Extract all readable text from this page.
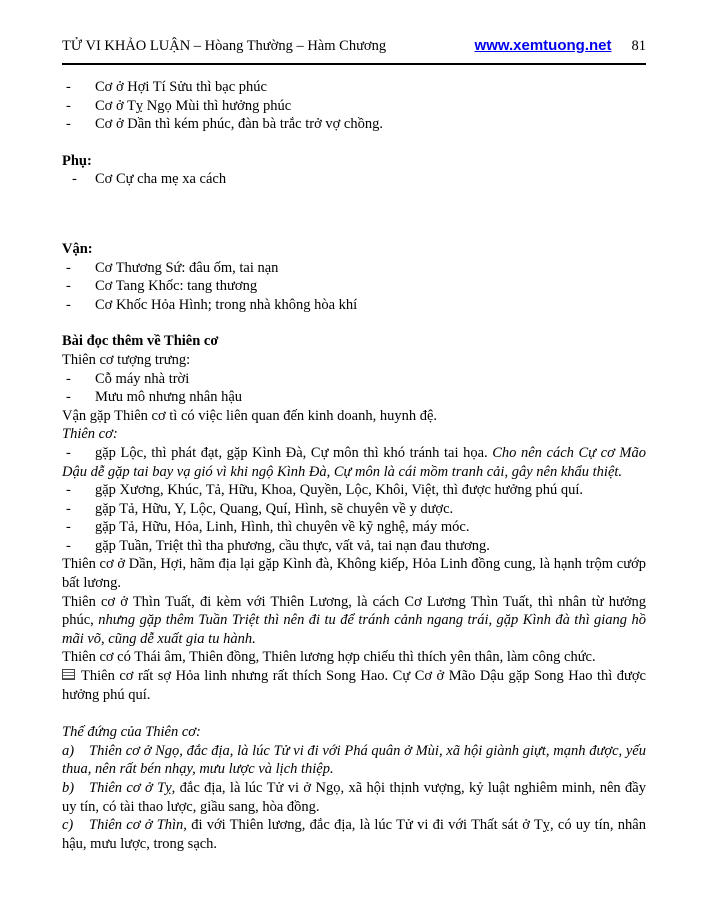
TỬ VI KHẢO LUẬN – Hòang Thường – Hàm Chương	www.xemtuong.net 81

- Cơ ở Hợi Tí Sửu thì bạc phúc

- Cơ ở Tỵ Ngọ Mùi thì hưởng phúc

- Cơ ở Dần thì kém phúc, đàn bà trắc trở vợ chồng.

Phụ:

- Cơ Cự cha mẹ xa cách

Vận:

- Cơ Thương Sứ: đâu ốm, tai nạn

- Cơ Tang Khốc: tang thương

- Cơ Khốc Hỏa Hình; trong nhà không hòa khí

Bài đọc thêm về Thiên cơ

Thiên cơ tượng trưng:

- Cỗ máy nhà trời

- Mưu mô nhưng nhân hậu

Vận gặp Thiên cơ tì có việc liên quan đến kinh doanh, huynh đệ.

Thiên cơ:

- gặp Lộc, thì phát đạt, gặp Kình Đà, Cự môn thì khó tránh tai họa. Cho nên cách Cự cơ Mão Dậu dễ gặp tai bay vạ gió vì khi ngộ Kình Đà, Cự môn là cái mồm tranh cải, gây nên khẩu thiệt.

- gặp Xương, Khúc, Tả, Hữu, Khoa, Quyền, Lộc, Khôi, Việt, thì được hưởng phú quí.

- gặp Tả, Hữu, Y, Lộc, Quang, Quí, Hình, sẽ chuyên về y dược.

- gặp Tả, Hữu, Hỏa, Linh, Hình, thì chuyên về kỹ nghệ, máy móc.

- gặp Tuần, Triệt thì tha phương, cầu thực, vất vả, tai nạn đau thương.

Thiên cơ ở Dần, Hợi, hãm địa lại gặp Kình đà, Không kiếp, Hỏa Linh đồng cung, là hạnh trộm cướp bất lương.

Thiên cơ ở Thìn Tuất, đi kèm với Thiên Lương, là cách Cơ Lương Thìn Tuất, thì nhân từ hưởng phúc, nhưng gặp thêm Tuần Triệt thì nên đi tu để tránh cảnh ngang trái, gặp Kình đà thì giang hồ mãi võ, cũng dễ xuất gia tu hành.

Thiên cơ có Thái âm, Thiên đồng, Thiên lương hợp chiếu thì thích yên thân, làm công chức.

Thiên cơ rất sợ Hỏa linh nhưng rất thích Song Hao. Cự Cơ ở Mão Dậu gặp Song Hao thì được hưởng phú quí.

Thế đứng của Thiên cơ:

a) Thiên cơ ở Ngọ, đắc địa, là lúc Tử vi đi với Phá quân ở Mùi, xã hội giành giựt, mạnh được, yếu thua, nên rất bén nhạy, mưu lược và lịch thiệp.

b) Thiên cơ ở Tỵ, đắc địa, là lúc Tử vi ở Ngọ, xã hội thịnh vượng, kỷ luật nghiêm minh, nên đầy uy tín, có tài thao lược, giầu sang, hòa đồng.

c) Thiên cơ ở Thìn, đi với Thiên lương, đắc địa, là lúc Tử vi đi với Thất sát ở Tỵ, có uy tín, nhân hậu, mưu lược, trong sạch.
